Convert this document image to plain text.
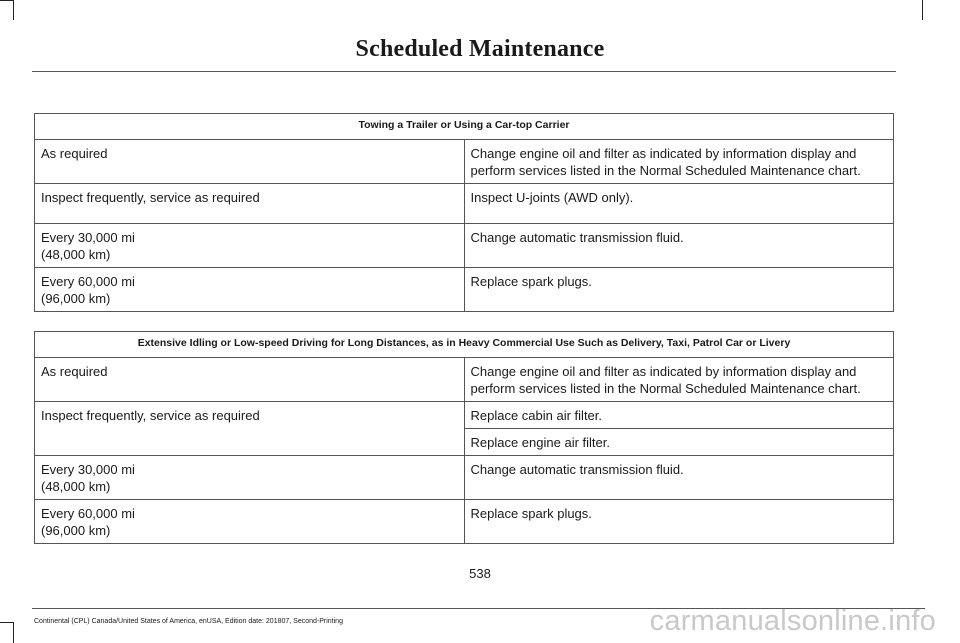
Scheduled Maintenance
Towing a Trailer or Using a Car-top Carrier	
As required	Change engine oil and filter as indicated by information display and perform services listed in the Normal Scheduled Maintenance chart.
Inspect frequently, service as required	Inspect U-joints (AWD only).

Every 30,000 mi
(48,000 km)	Change automatic transmission fluid.

Every 60,000 mi
(96,000 km)	Replace spark plugs.
Extensive Idling or Low-speed Driving for Long Distances, as in Heavy Commercial Use Such as Delivery, Taxi, Patrol Car or Livery	
As required	Change engine oil and filter as indicated by information display and perform services listed in the Normal Scheduled Maintenance chart.
Inspect frequently, service as required	Replace cabin air filter.
	Replace engine air filter.

Every 30,000 mi
(48,000 km)	Change automatic transmission fluid.

Every 60,000 mi
(96,000 km)	Replace spark plugs.
538
Continental (CPL) Canada/United States of America, enUSA, Edition date: 201807, Second-Printing	carmanualsonline.info
